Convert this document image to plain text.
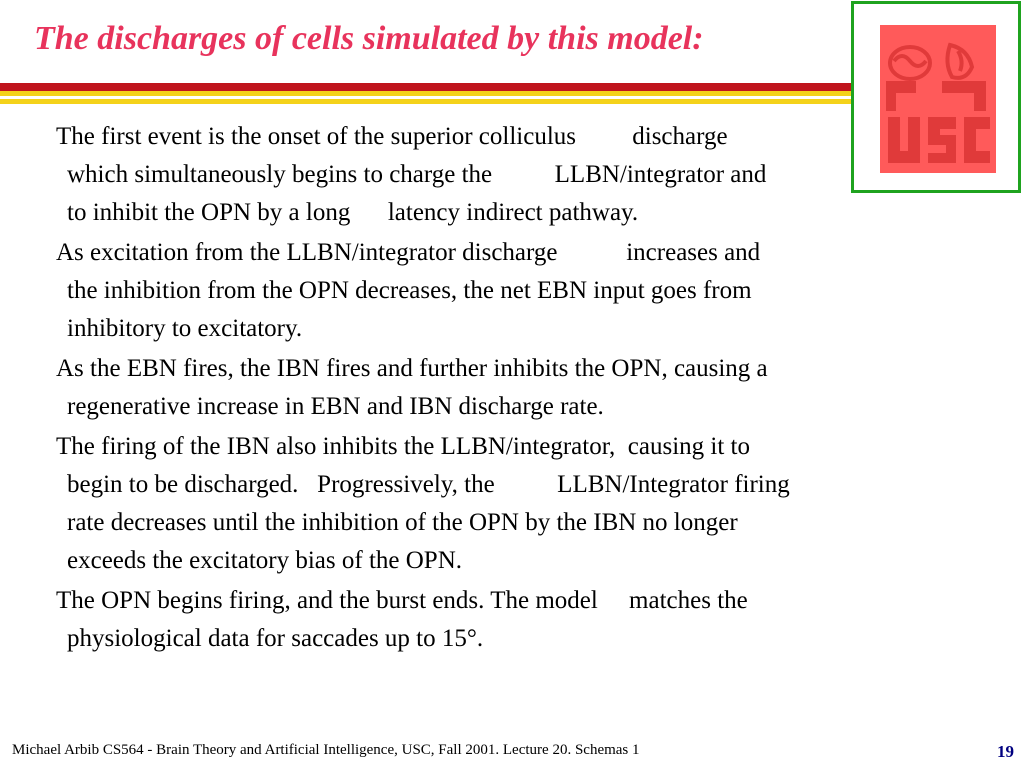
The discharges of cells simulated by this model:
The first event is the onset of the superior colliculus         discharge
which simultaneously begins to charge the          LLBN/integrator and
to inhibit the OPN by a long      latency indirect pathway.
As excitation from the LLBN/integrator discharge           increases and
the inhibition from the OPN decreases, the net EBN input goes from
inhibitory to excitatory.
As the EBN fires, the IBN fires and further inhibits the OPN, causing a
regenerative increase in EBN and IBN discharge rate.
The firing of the IBN also inhibits the LLBN/integrator,  causing it to
begin to be discharged.   Progressively, the          LLBN/Integrator firing
rate decreases until the inhibition of the OPN by the IBN no longer
exceeds the excitatory bias of the OPN.
The OPN begins firing, and the burst ends. The model     matches the
physiological data for saccades up to 15°.
Michael Arbib CS564 - Brain Theory and Artificial Intelligence, USC, Fall 2001. Lecture 20. Schemas 1	19
